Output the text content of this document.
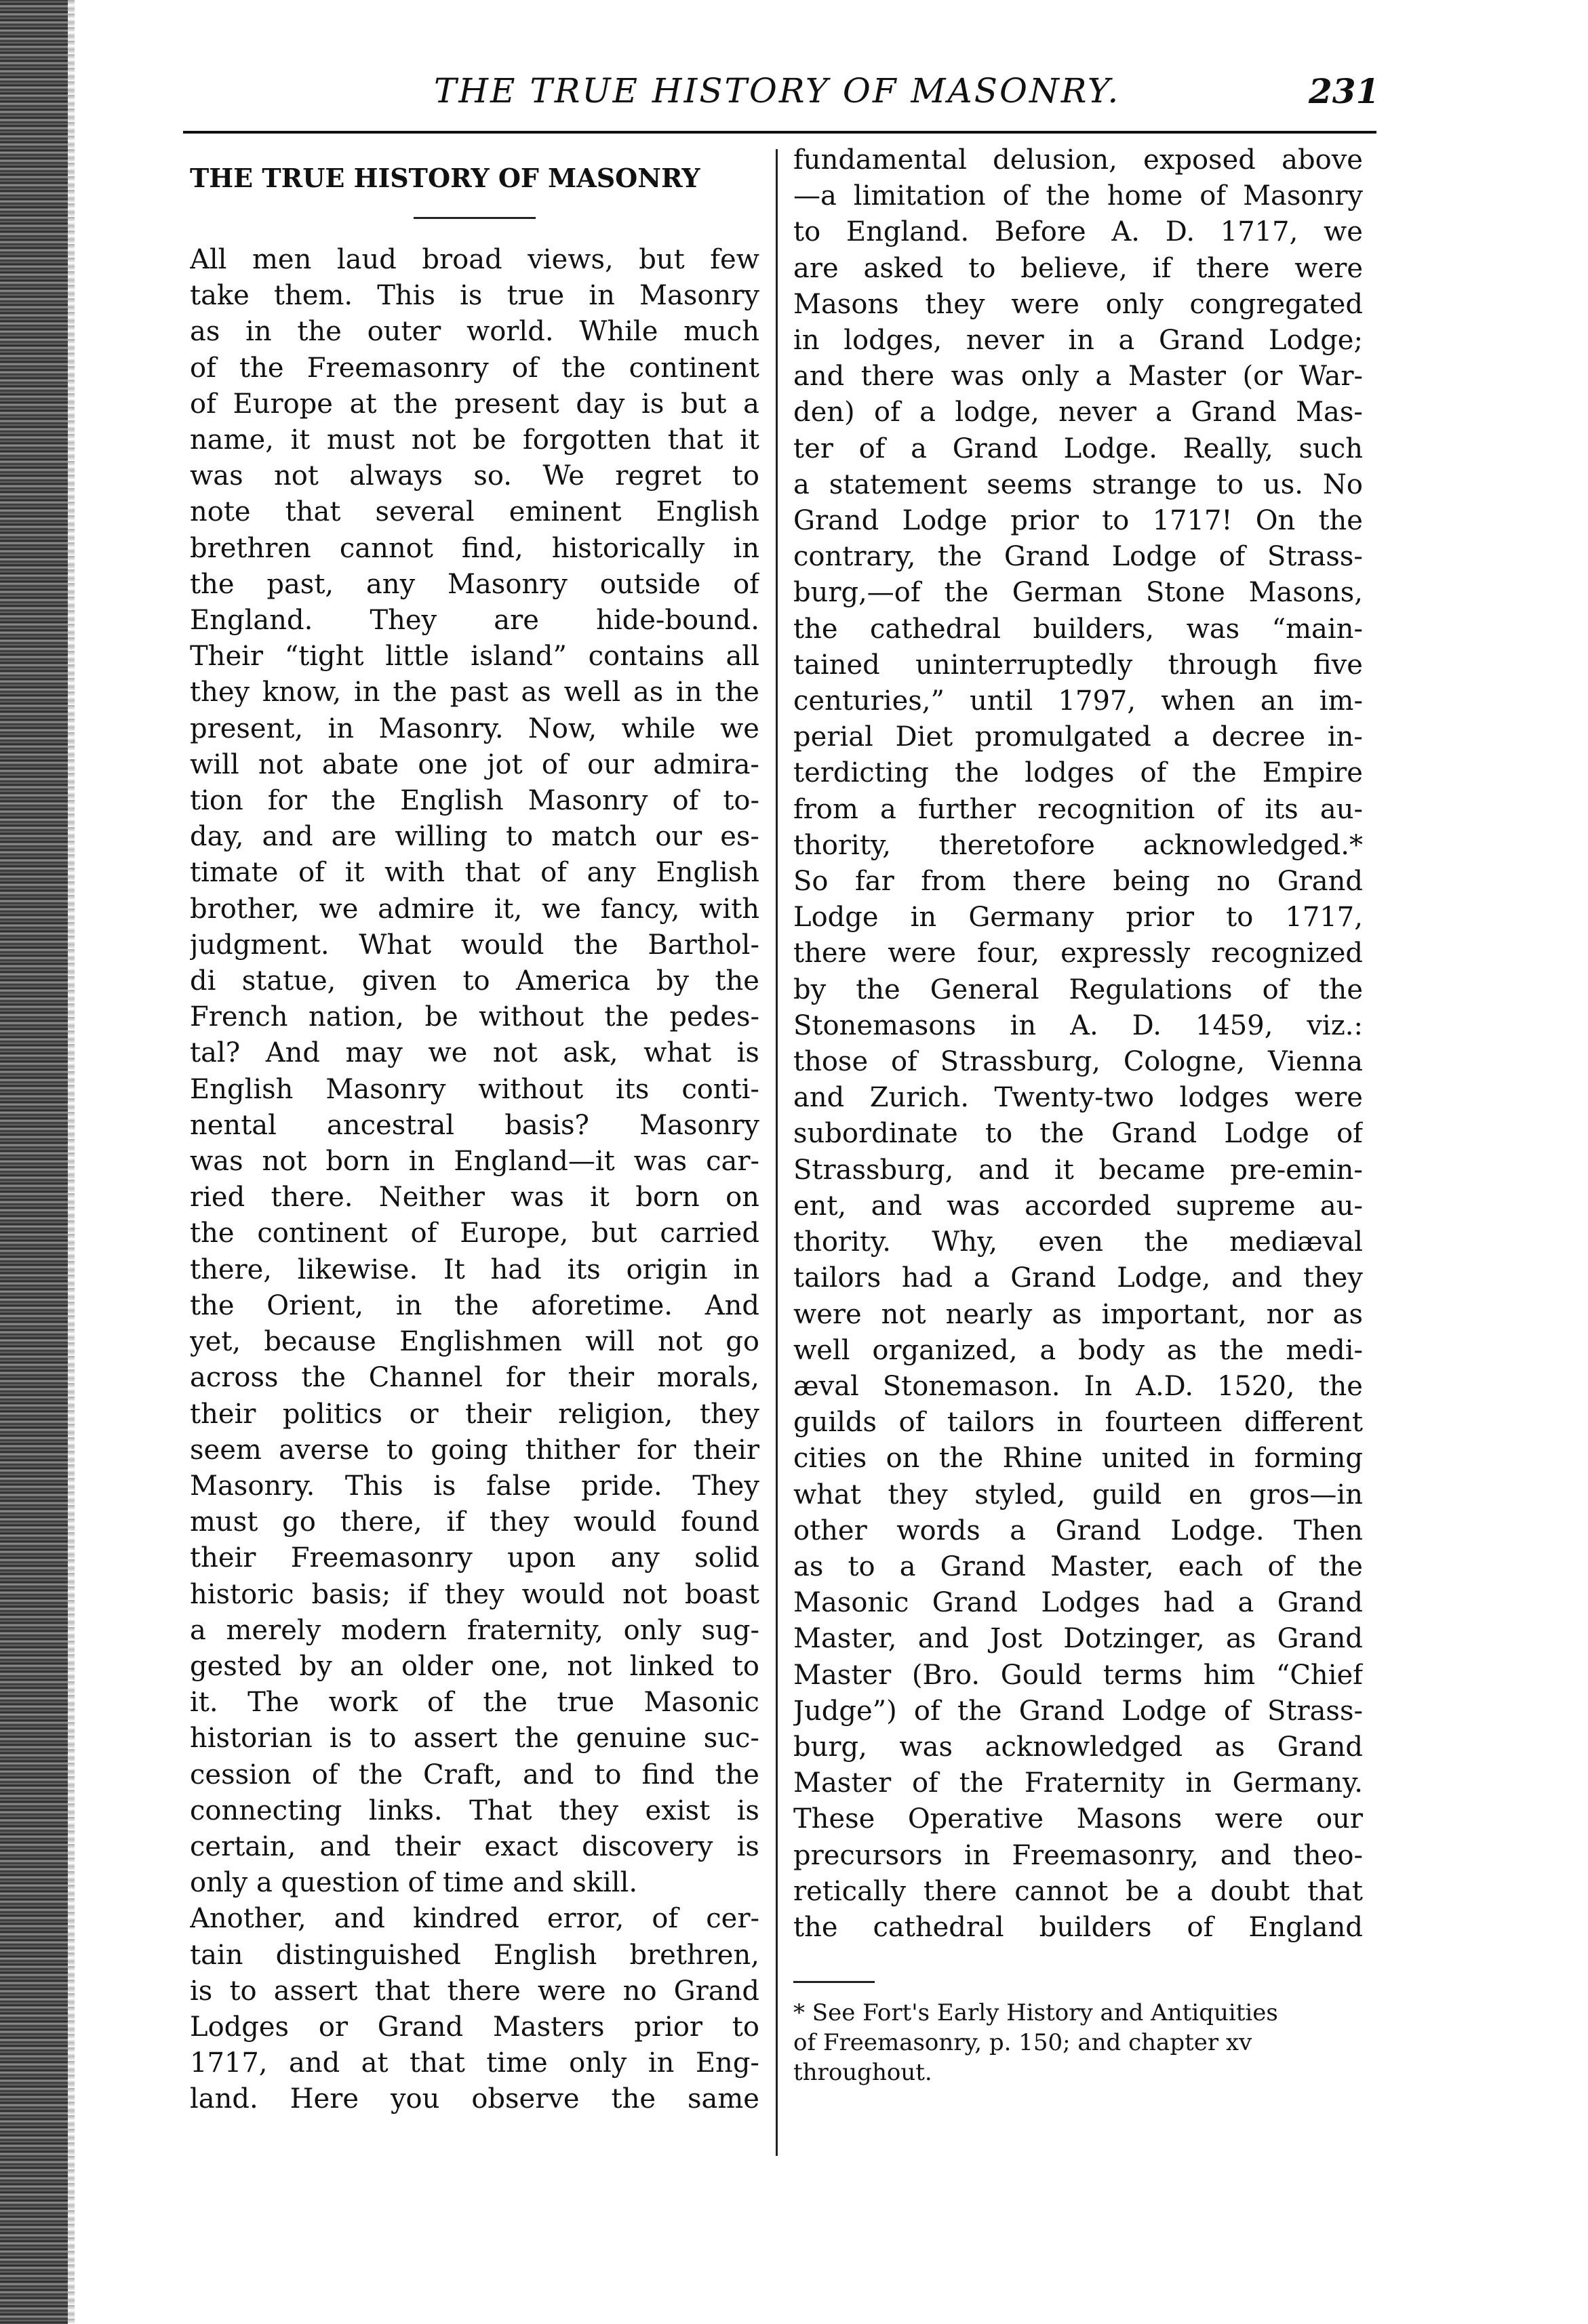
THE TRUE HISTORY OF MASONRY.	231
THE TRUE HISTORY OF MASONRY
All men laud broad views, but few
take them. This is true in Masonry
as in the outer world. While much
of the Freemasonry of the continent
of Europe at the present day is but a
name, it must not be forgotten that it
was not always so. We regret to
note that several eminent English
brethren cannot find, historically in
the past, any Masonry outside of
England. They are hide-bound.
Their “tight little island” contains all
they know, in the past as well as in the
present, in Masonry. Now, while we
will not abate one jot of our admira-
tion for the English Masonry of to-
day, and are willing to match our es-
timate of it with that of any English
brother, we admire it, we fancy, with
judgment. What would the Barthol-
di statue, given to America by the
French nation, be without the pedes-
tal? And may we not ask, what is
English Masonry without its conti-
nental ancestral basis? Masonry
was not born in England—it was car-
ried there. Neither was it born on
the continent of Europe, but carried
there, likewise. It had its origin in
the Orient, in the aforetime. And
yet, because Englishmen will not go
across the Channel for their morals,
their politics or their religion, they
seem averse to going thither for their
Masonry. This is false pride. They
must go there, if they would found
their Freemasonry upon any solid
historic basis; if they would not boast
a merely modern fraternity, only sug-
gested by an older one, not linked to
it. The work of the true Masonic
historian is to assert the genuine suc-
cession of the Craft, and to find the
connecting links. That they exist is
certain, and their exact discovery is
only a question of time and skill.
Another, and kindred error, of cer-
tain distinguished English brethren,
is to assert that there were no Grand
Lodges or Grand Masters prior to
1717, and at that time only in Eng-
land. Here you observe the same
fundamental delusion, exposed above
—a limitation of the home of Masonry
to England. Before A. D. 1717, we
are asked to believe, if there were
Masons they were only congregated
in lodges, never in a Grand Lodge;
and there was only a Master (or War-
den) of a lodge, never a Grand Mas-
ter of a Grand Lodge. Really, such
a statement seems strange to us. No
Grand Lodge prior to 1717! On the
contrary, the Grand Lodge of Strass-
burg,—of the German Stone Masons,
the cathedral builders, was “main-
tained uninterruptedly through five
centuries,” until 1797, when an im-
perial Diet promulgated a decree in-
terdicting the lodges of the Empire
from a further recognition of its au-
thority, theretofore acknowledged.*
So far from there being no Grand
Lodge in Germany prior to 1717,
there were four, expressly recognized
by the General Regulations of the
Stonemasons in A. D. 1459, viz.:
those of Strassburg, Cologne, Vienna
and Zurich. Twenty-two lodges were
subordinate to the Grand Lodge of
Strassburg, and it became pre-emin-
ent, and was accorded supreme au-
thority. Why, even the mediæval
tailors had a Grand Lodge, and they
were not nearly as important, nor as
well organized, a body as the medi-
æval Stonemason. In A.D. 1520, the
guilds of tailors in fourteen different
cities on the Rhine united in forming
what they styled, guild en gros—in
other words a Grand Lodge. Then
as to a Grand Master, each of the
Masonic Grand Lodges had a Grand
Master, and Jost Dotzinger, as Grand
Master (Bro. Gould terms him “Chief
Judge”) of the Grand Lodge of Strass-
burg, was acknowledged as Grand
Master of the Fraternity in Germany.
These Operative Masons were our
precursors in Freemasonry, and theo-
retically there cannot be a doubt that
the cathedral builders of England
* See Fort's Early History and Antiquities
of Freemasonry, p. 150; and chapter xv
throughout.
